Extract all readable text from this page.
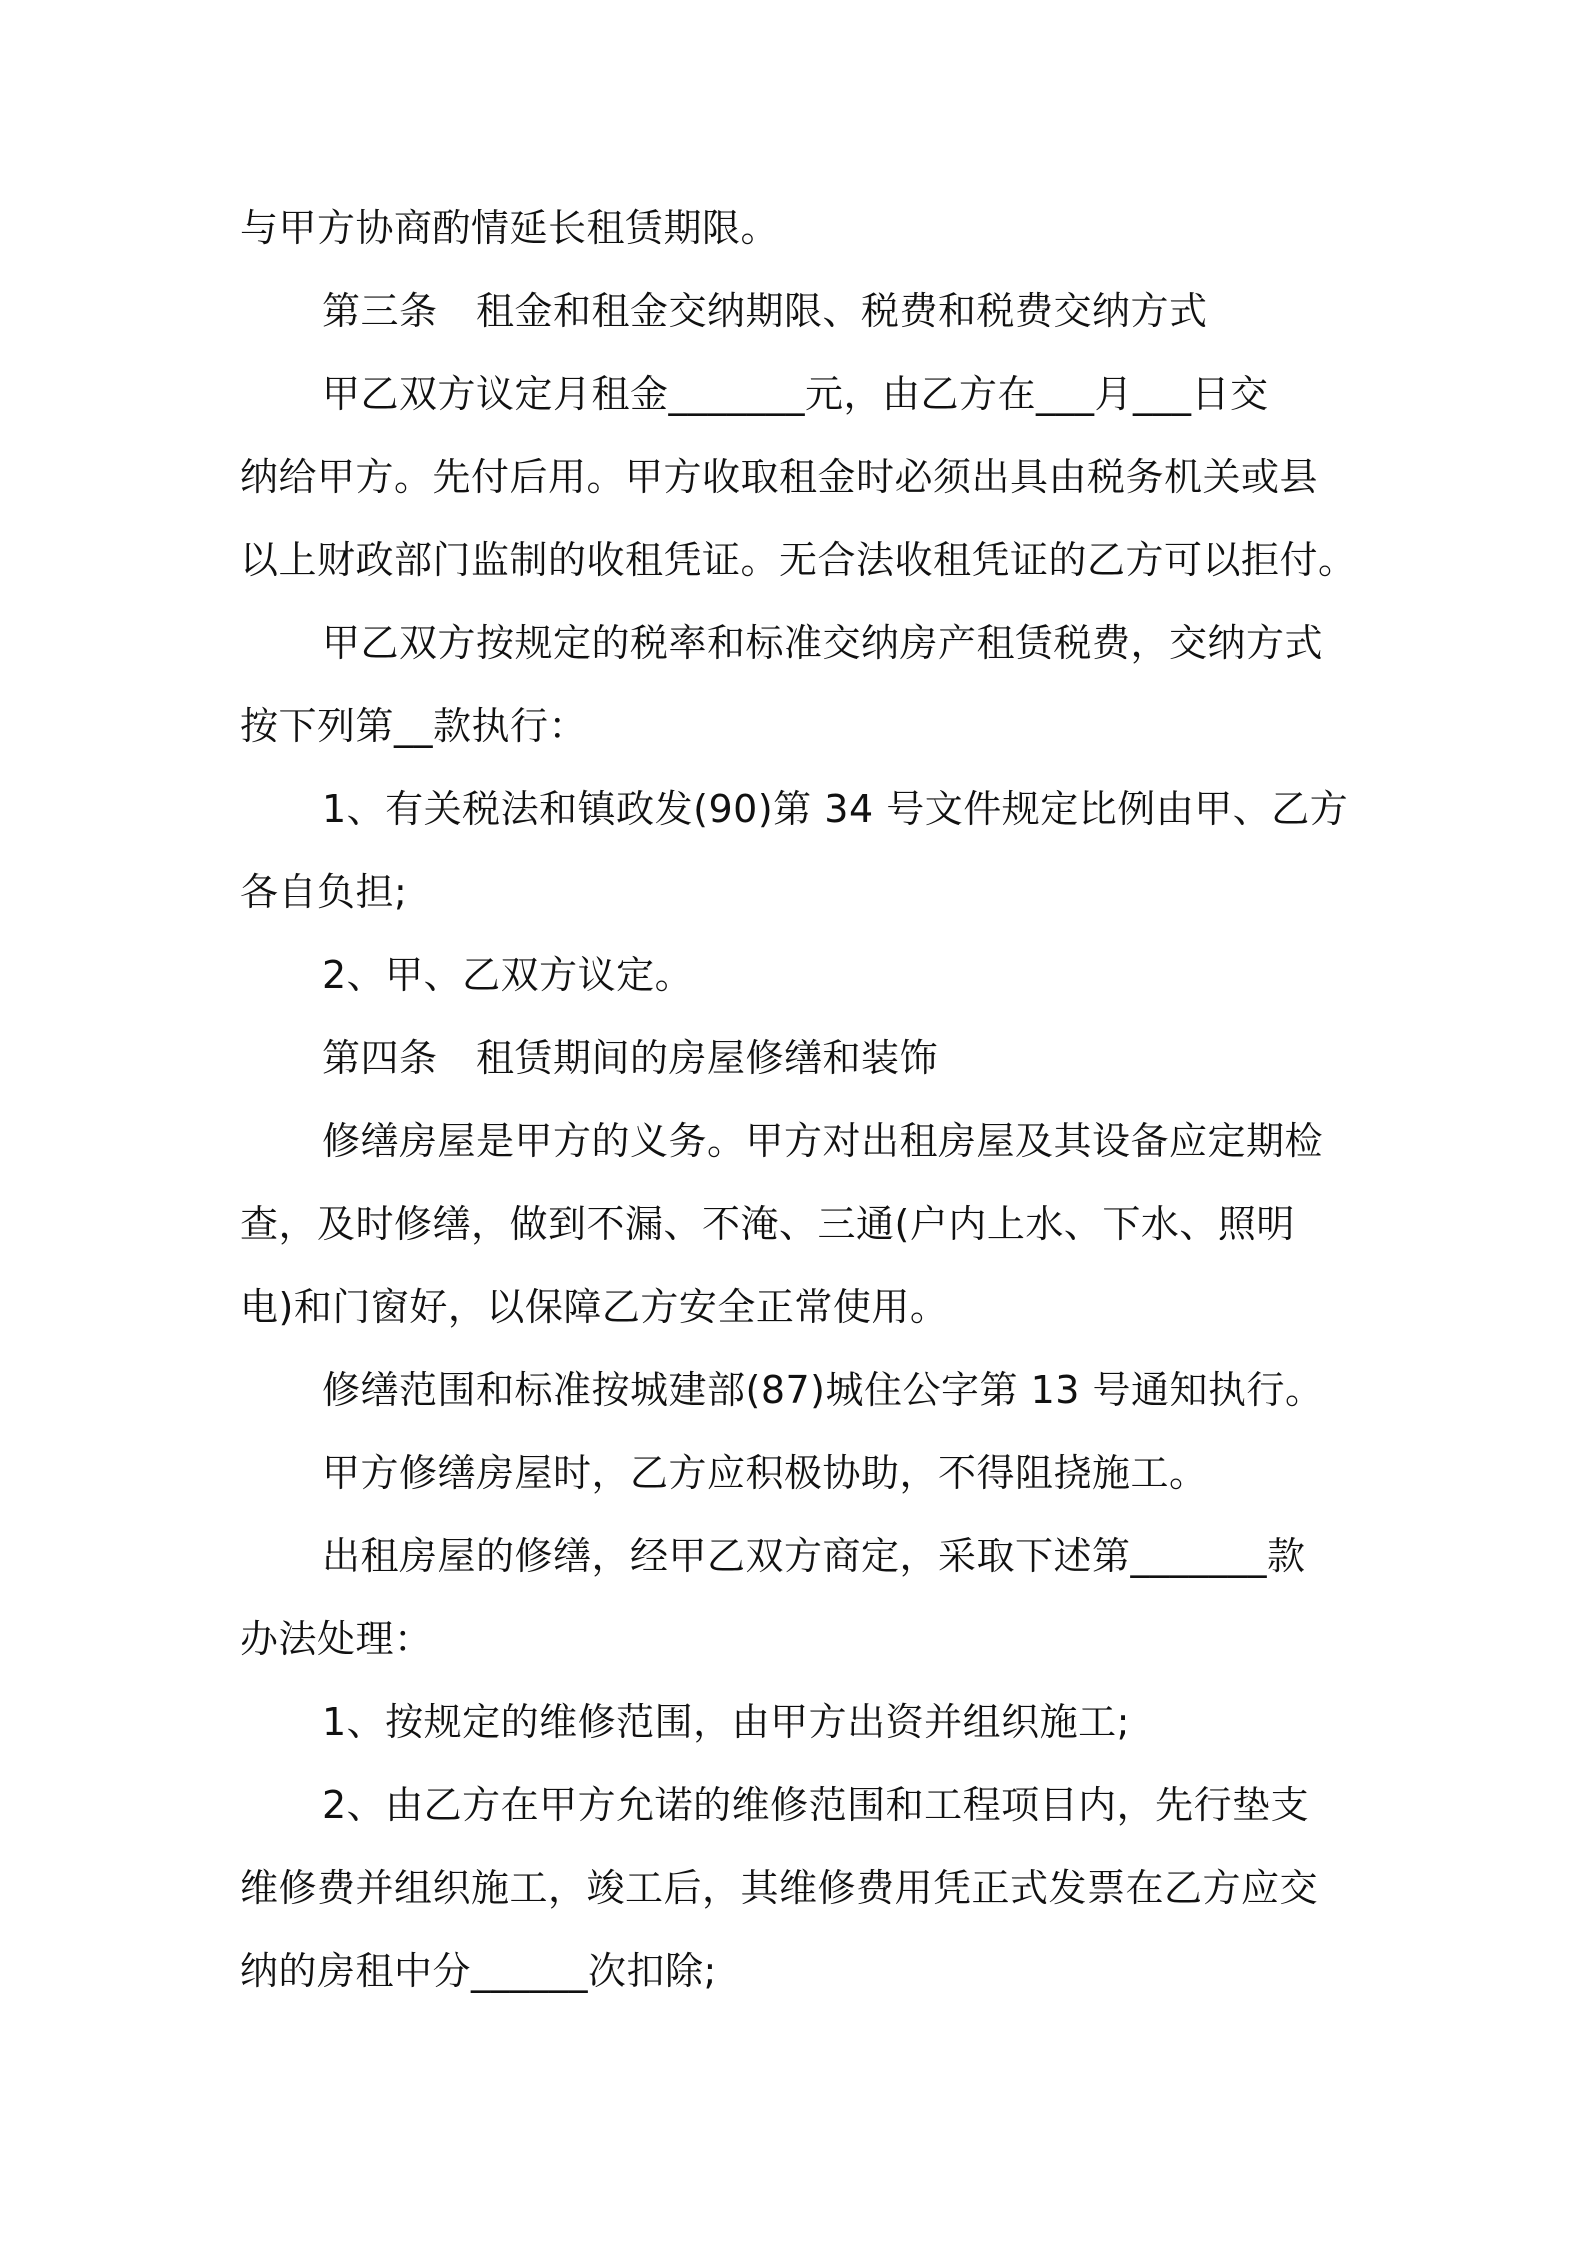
与甲方协商酌情延长租赁期限。
第三条　租金和租金交纳期限、税费和税费交纳方式
甲乙双方议定月租金_______元，由乙方在___月___日交
纳给甲方。先付后用。甲方收取租金时必须出具由税务机关或县
以上财政部门监制的收租凭证。无合法收租凭证的乙方可以拒付。
甲乙双方按规定的税率和标准交纳房产租赁税费，交纳方式
按下列第__款执行：
1、有关税法和镇政发(90)第 34 号文件规定比例由甲、乙方
各自负担;
2、甲、乙双方议定。
第四条　租赁期间的房屋修缮和装饰
修缮房屋是甲方的义务。甲方对出租房屋及其设备应定期检
查，及时修缮，做到不漏、不淹、三通(户内上水、下水、照明
电)和门窗好，以保障乙方安全正常使用。
修缮范围和标准按城建部(87)城住公字第 13 号通知执行。
甲方修缮房屋时，乙方应积极协助，不得阻挠施工。
出租房屋的修缮，经甲乙双方商定，采取下述第_______款
办法处理：
1、按规定的维修范围，由甲方出资并组织施工;
2、由乙方在甲方允诺的维修范围和工程项目内，先行垫支
维修费并组织施工，竣工后，其维修费用凭正式发票在乙方应交
纳的房租中分______次扣除;
